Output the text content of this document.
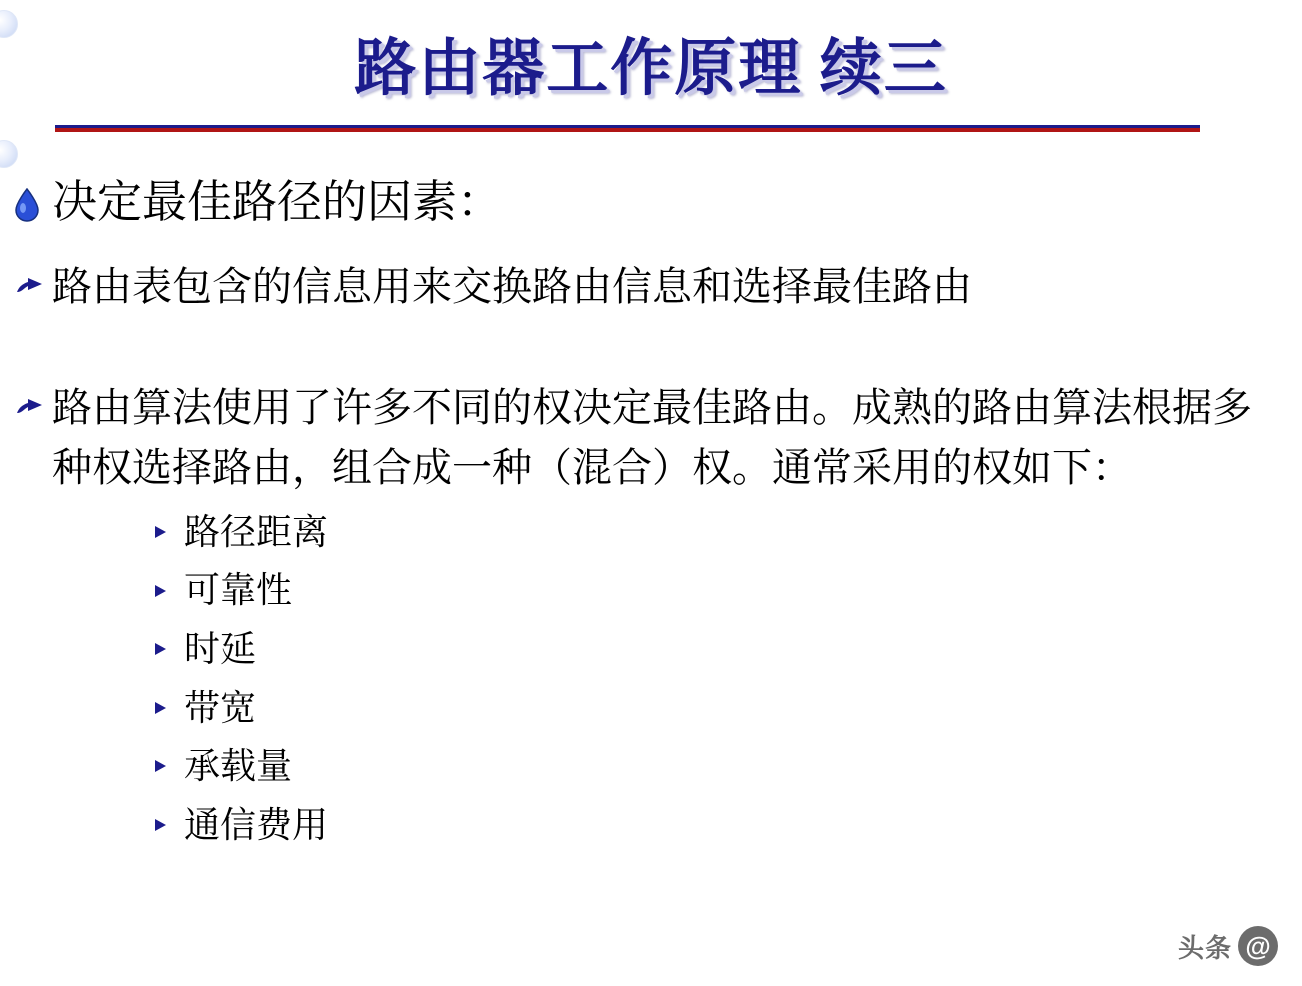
路由器工作原理 续三
决定最佳路径的因素：
路由表包含的信息用来交换路由信息和选择最佳路由
路由算法使用了许多不同的权决定最佳路由。成熟的路由算法根据多种权选择路由，组合成一种（混合）权。通常采用的权如下：
路径距离
可靠性
时延
带宽
承载量
通信费用
头条 @
